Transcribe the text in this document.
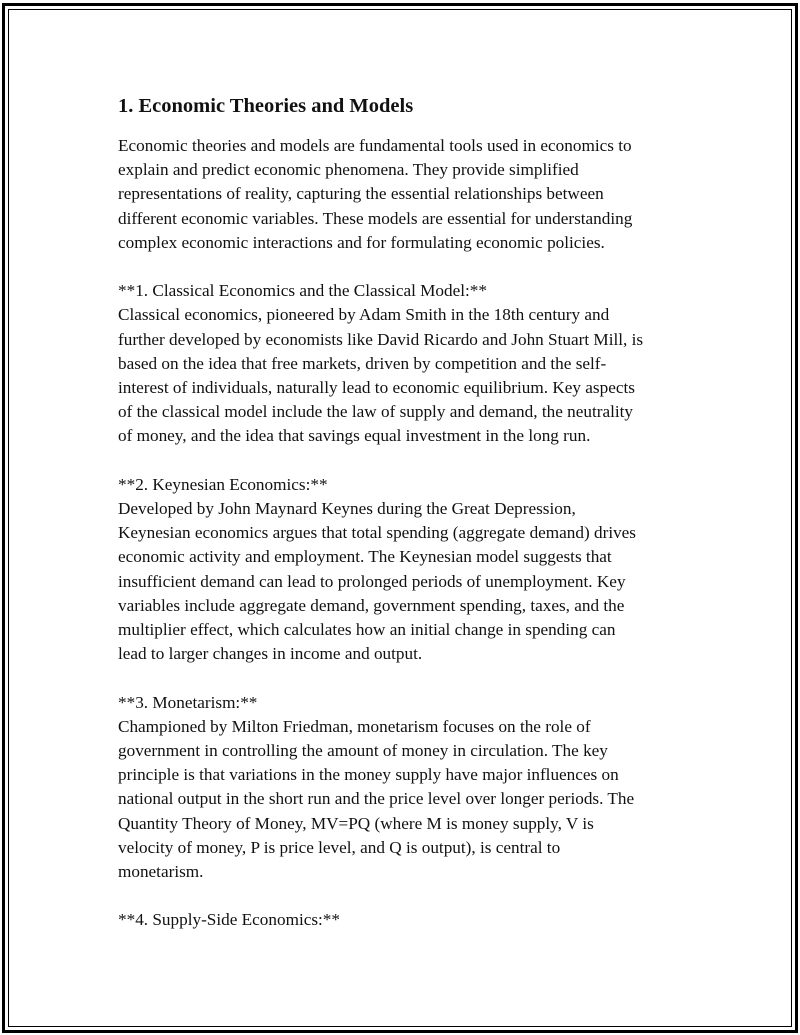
1. Economic Theories and Models

Economic theories and models are fundamental tools used in economics to
explain and predict economic phenomena. They provide simplified
representations of reality, capturing the essential relationships between
different economic variables. These models are essential for understanding
complex economic interactions and for formulating economic policies.

**1. Classical Economics and the Classical Model:**

Classical economics, pioneered by Adam Smith in the 18th century and
further developed by economists like David Ricardo and John Stuart Mill, is
based on the idea that free markets, driven by competition and the self-
interest of individuals, naturally lead to economic equilibrium. Key aspects
of the classical model include the law of supply and demand, the neutrality
of money, and the idea that savings equal investment in the long run.

**2. Keynesian Economics:**

Developed by John Maynard Keynes during the Great Depression,
Keynesian economics argues that total spending (aggregate demand) drives
economic activity and employment. The Keynesian model suggests that
insufficient demand can lead to prolonged periods of unemployment. Key
variables include aggregate demand, government spending, taxes, and the
multiplier effect, which calculates how an initial change in spending can
lead to larger changes in income and output.

**3. Monetarism:**

Championed by Milton Friedman, monetarism focuses on the role of
government in controlling the amount of money in circulation. The key
principle is that variations in the money supply have major influences on
national output in the short run and the price level over longer periods. The
Quantity Theory of Money, MV=PQ (where M is money supply, V is
velocity of money, P is price level, and Q is output), is central to
monetarism.

**4. Supply-Side Economics:**
